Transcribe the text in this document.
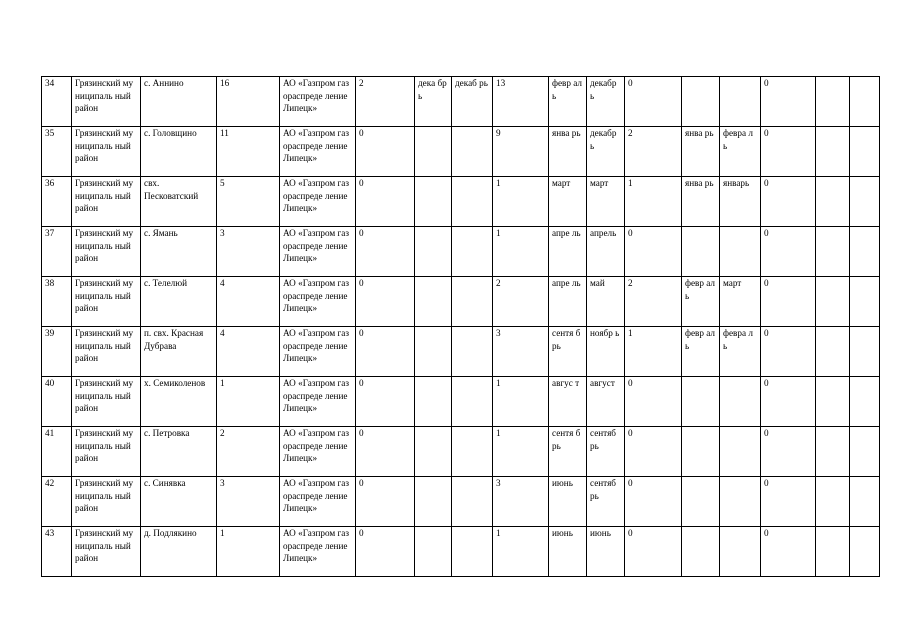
34	Грязинский муниципаль ный район	с. Аннино	16	АО «Газпром газораспреде ление Липецк»	2	дека брь	декаб рь	13	февр аль	декабр ь	0			0		

35	Грязинский муниципаль ный район	с. Головщино	11	АО «Газпром газораспреде ление Липецк»	0			9	янва рь	декабр ь	2	янва рь	февра ль	0		

36	Грязинский муниципаль ный район	свх. Песковатский	5	АО «Газпром газораспреде ление Липецк»	0			1	март	март	1	янва рь	январь	0		

37	Грязинский муниципаль ный район	с. Ямань	3	АО «Газпром газораспреде ление Липецк»	0			1	апре ль	апрель	0			0		

38	Грязинский муниципаль ный район	с. Телелюй	4	АО «Газпром газораспреде ление Липецк»	0			2	апре ль	май	2	февр аль	март	0		

39	Грязинский муниципаль ный район	п. свх. Красная Дубрава	4	АО «Газпром газораспреде ление Липецк»	0			3	сентя брь	ноябр ь	1	февр аль	февра ль	0		

40	Грязинский муниципаль ный район	х. Семиколенов	1	АО «Газпром газораспреде ление Липецк»	0			1	авгус т	август	0			0		

41	Грязинский муниципаль ный район	с. Петровка	2	АО «Газпром газораспреде ление Липецк»	0			1	сентя брь	сентяб рь	0			0		

42	Грязинский муниципаль ный район	с. Синявка	3	АО «Газпром газораспреде ление Липецк»	0			3	июнь	сентяб рь	0			0		

43	Грязинский муниципаль ный район	д. Подлякино	1	АО «Газпром газораспреде ление Липецк»	0			1	июнь	июнь	0			0		
